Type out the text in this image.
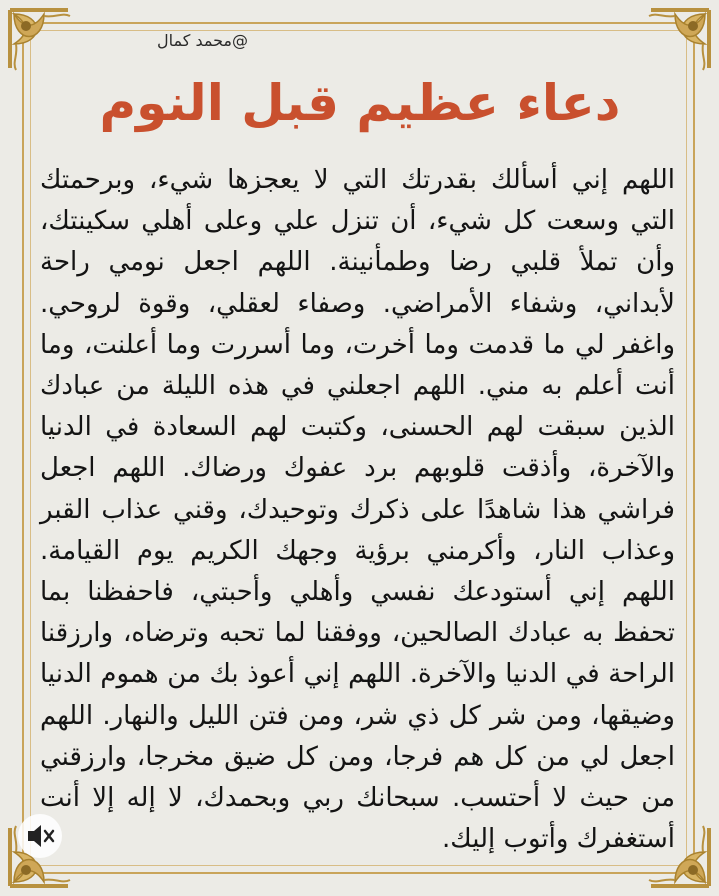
@محمد كمال
دعاء عظيم قبل النوم
اللهم إني أسألك بقدرتك التي لا يعجزها شيء، وبرحمتك التي وسعت كل شيء، أن تنزل علي وعلى أهلي سكينتك، وأن تملأ قلبي رضا وطمأنينة. اللهم اجعل نومي راحة لأبداني، وشفاء الأمراضي. وصفاء لعقلي، وقوة لروحي. واغفر لي ما قدمت وما أخرت، وما أسررت وما أعلنت، وما أنت أعلم به مني. اللهم اجعلني في هذه الليلة من عبادك الذين سبقت لهم الحسنى، وكتبت لهم السعادة في الدنيا والآخرة، وأذقت قلوبهم برد عفوك ورضاك. اللهم اجعل فراشي هذا شاهدًا على ذكرك وتوحيدك، وقني عذاب القبر وعذاب النار، وأكرمني برؤية وجهك الكريم يوم القيامة. اللهم إني أستودعك نفسي وأهلي وأحبتي، فاحفظنا بما تحفظ به عبادك الصالحين، ووفقنا لما تحبه وترضاه، وارزقنا الراحة في الدنيا والآخرة. اللهم إني أعوذ بك من هموم الدنيا وضيقها، ومن شر كل ذي شر، ومن فتن الليل والنهار. اللهم اجعل لي من كل هم فرجا، ومن كل ضيق مخرجا، وارزقني من حيث لا أحتسب. سبحانك ربي وبحمدك، لا إله إلا أنت أستغفرك وأتوب إليك.
